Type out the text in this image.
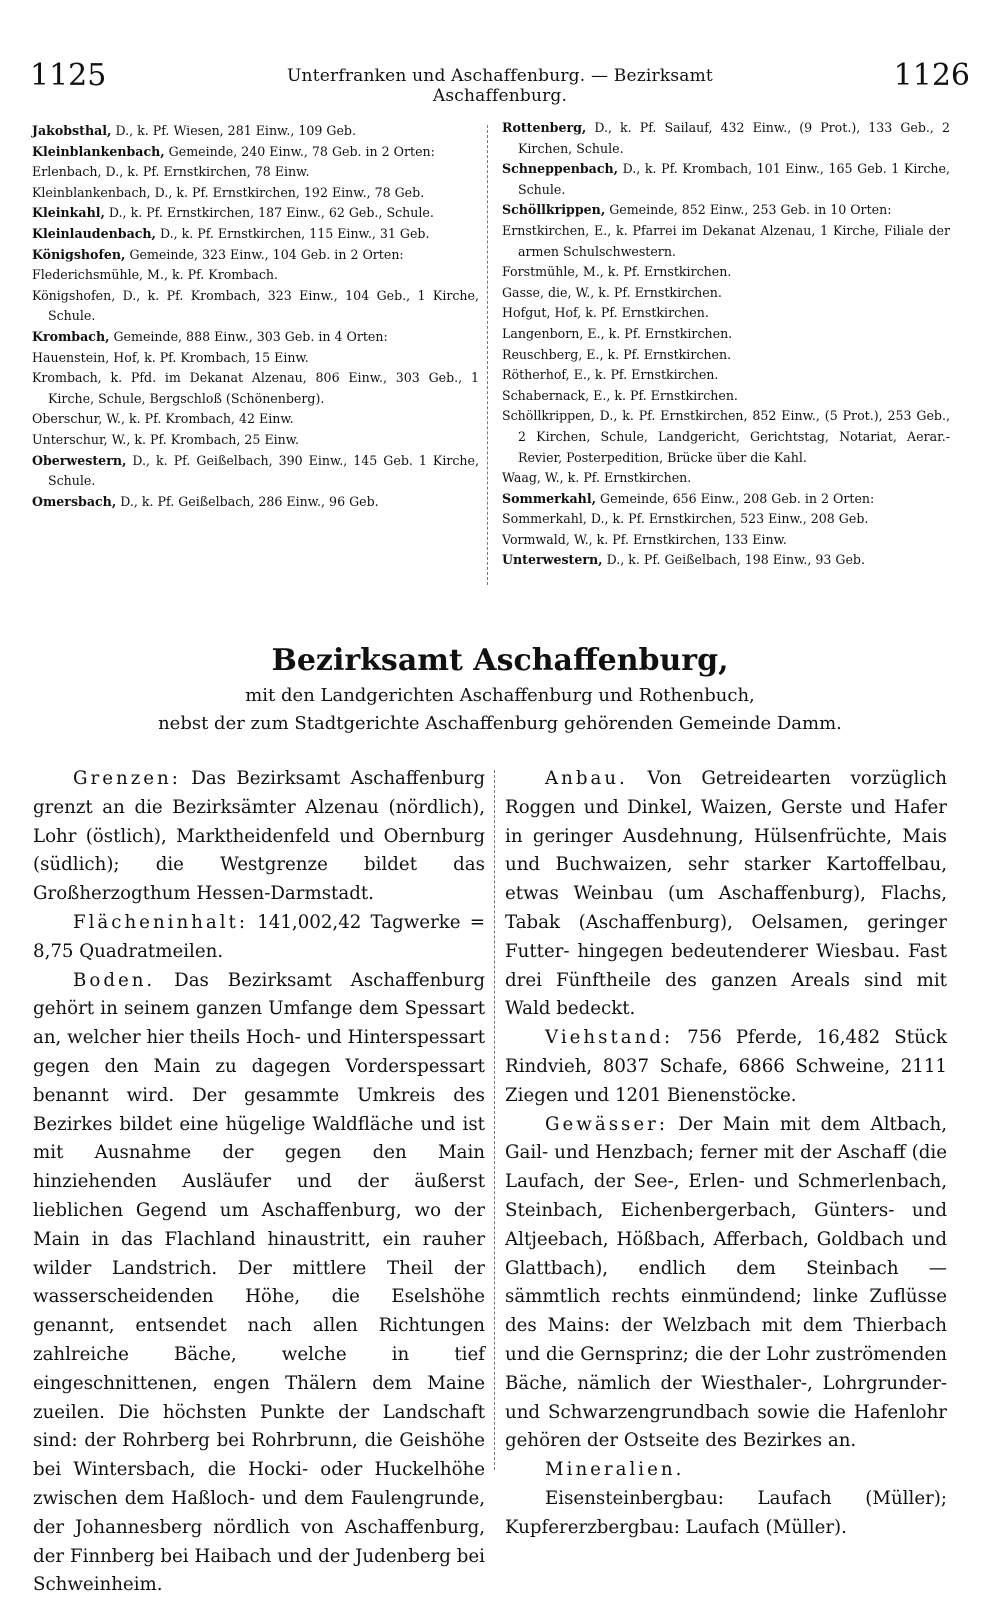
1125	Unterfranken und Aschaffenburg. — Bezirksamt Aschaffenburg.
1126
Jakobsthal, D., k. Pf. Wiesen, 281 Einw., 109 Geb.
Kleinblankenbach, Gemeinde, 240 Einw., 78 Geb. in 2 Orten:
Erlenbach, D., k. Pf. Ernstkirchen, 78 Einw.
Kleinblankenbach, D., k. Pf. Ernstkirchen, 192 Einw., 78 Geb.
Kleinkahl, D., k. Pf. Ernstkirchen, 187 Einw., 62 Geb., Schule.
Kleinlaudenbach, D., k. Pf. Ernstkirchen, 115 Einw., 31 Geb.
Königshofen, Gemeinde, 323 Einw., 104 Geb. in 2 Orten:
Flederichsmühle, M., k. Pf. Krombach.
Königshofen, D., k. Pf. Krombach, 323 Einw., 104 Geb., 1 Kirche, Schule.
Krombach, Gemeinde, 888 Einw., 303 Geb. in 4 Orten:
Hauenstein, Hof, k. Pf. Krombach, 15 Einw.
Krombach, k. Pfd. im Dekanat Alzenau, 806 Einw., 303 Geb., 1 Kirche, Schule, Bergschloß (Schönenberg).
Oberschur, W., k. Pf. Krombach, 42 Einw.
Unterschur, W., k. Pf. Krombach, 25 Einw.
Oberwestern, D., k. Pf. Geißelbach, 390 Einw., 145 Geb. 1 Kirche, Schule.
Omersbach, D., k. Pf. Geißelbach, 286 Einw., 96 Geb.
Rottenberg, D., k. Pf. Sailauf, 432 Einw., (9 Prot.), 133 Geb., 2 Kirchen, Schule.
Schneppenbach, D., k. Pf. Krombach, 101 Einw., 165 Geb. 1 Kirche, Schule.
Schöllkrippen, Gemeinde, 852 Einw., 253 Geb. in 10 Orten:
Ernstkirchen, E., k. Pfarrei im Dekanat Alzenau, 1 Kirche, Filiale der armen Schulschwestern.
Forstmühle, M., k. Pf. Ernstkirchen.
Gasse, die, W., k. Pf. Ernstkirchen.
Hofgut, Hof, k. Pf. Ernstkirchen.
Langenborn, E., k. Pf. Ernstkirchen.
Reuschberg, E., k. Pf. Ernstkirchen.
Rötherhof, E., k. Pf. Ernstkirchen.
Schabernack, E., k. Pf. Ernstkirchen.
Schöllkrippen, D., k. Pf. Ernstkirchen, 852 Einw., (5 Prot.), 253 Geb., 2 Kirchen, Schule, Landgericht, Gerichtstag, Notariat, Aerar.-Revier, Posterpedition, Brücke über die Kahl.
Waag, W., k. Pf. Ernstkirchen.
Sommerkahl, Gemeinde, 656 Einw., 208 Geb. in 2 Orten:
Sommerkahl, D., k. Pf. Ernstkirchen, 523 Einw., 208 Geb.
Vormwald, W., k. Pf. Ernstkirchen, 133 Einw.
Unterwestern, D., k. Pf. Geißelbach, 198 Einw., 93 Geb.
Bezirksamt Aschaffenburg,
mit den Landgerichten Aschaffenburg und Rothenbuch,
nebst der zum Stadtgerichte Aschaffenburg gehörenden Gemeinde Damm.

Grenzen: Das Bezirksamt Aschaffenburg grenzt an die Bezirksämter Alzenau (nördlich), Lohr (östlich), Marktheidenfeld und Obernburg (südlich); die Westgrenze bildet das Großherzogthum Hessen-Darmstadt.

Flächeninhalt: 141,002,42 Tagwerke = 8,75 Quadratmeilen.

Boden. Das Bezirksamt Aschaffenburg gehört in seinem ganzen Umfange dem Spessart an, welcher hier theils Hoch- und Hinterspessart gegen den Main zu dagegen Vorderspessart benannt wird. Der gesammte Umkreis des Bezirkes bildet eine hügelige Waldfläche und ist mit Ausnahme der gegen den Main hinziehenden Ausläufer und der äußerst lieblichen Gegend um Aschaffenburg, wo der Main in das Flachland hinaustritt, ein rauher wilder Landstrich. Der mittlere Theil der wasserscheidenden Höhe, die Eselshöhe genannt, entsendet nach allen Richtungen zahlreiche Bäche, welche in tief eingeschnittenen, engen Thälern dem Maine zueilen. Die höchsten Punkte der Landschaft sind: der Rohrberg bei Rohrbrunn, die Geishöhe bei Wintersbach, die Hocki- oder Huckelhöhe zwischen dem Haßloch- und dem Faulengrunde, der Johannesberg nördlich von Aschaffenburg, der Finnberg bei Haibach und der Judenberg bei Schweinheim.

Anbau. Von Getreidearten vorzüglich Roggen und Dinkel, Waizen, Gerste und Hafer in geringer Ausdehnung, Hülsenfrüchte, Mais und Buchwaizen, sehr starker Kartoffelbau, etwas Weinbau (um Aschaffenburg), Flachs, Tabak (Aschaffenburg), Oelsamen, geringer Futter- hingegen bedeutenderer Wiesbau. Fast drei Fünftheile des ganzen Areals sind mit Wald bedeckt.

Viehstand: 756 Pferde, 16,482 Stück Rindvieh, 8037 Schafe, 6866 Schweine, 2111 Ziegen und 1201 Bienenstöcke.

Gewässer: Der Main mit dem Altbach, Gail- und Henzbach; ferner mit der Aschaff (die Laufach, der See-, Erlen- und Schmerlenbach, Steinbach, Eichenbergerbach, Günters- und Altjeebach, Hößbach, Afferbach, Goldbach und Glattbach), endlich dem Steinbach — sämmtlich rechts einmündend; linke Zuflüsse des Mains: der Welzbach mit dem Thierbach und die Gernsprinz; die der Lohr zuströmenden Bäche, nämlich der Wiesthaler-, Lohrgrunder- und Schwarzengrundbach sowie die Hafenlohr gehören der Ostseite des Bezirkes an.

Mineralien.

Eisensteinbergbau: Laufach (Müller); Kupfererzbergbau: Laufach (Müller).
